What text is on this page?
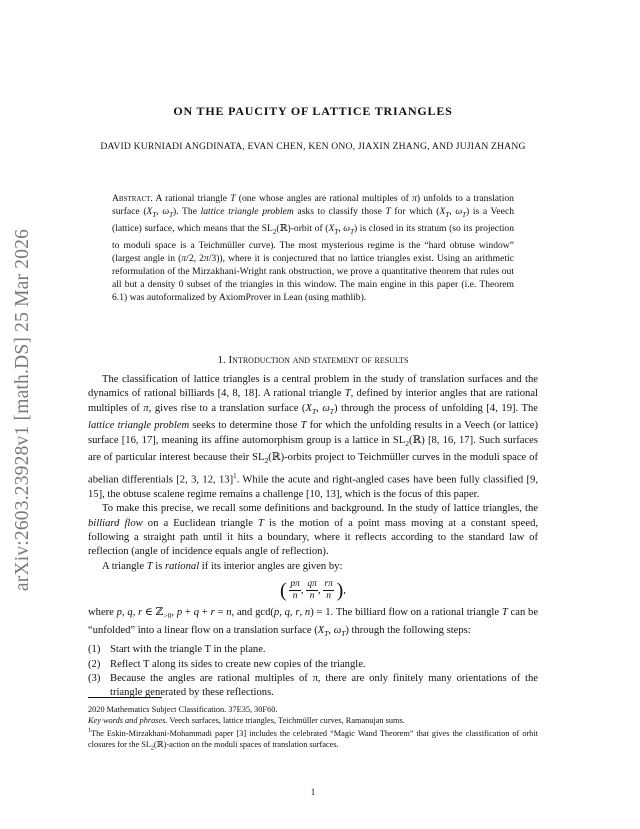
arXiv:2603.23928v1 [math.DS] 25 Mar 2026
ON THE PAUCITY OF LATTICE TRIANGLES
DAVID KURNIADI ANGDINATA, EVAN CHEN, KEN ONO, JIAXIN ZHANG, AND JUJIAN ZHANG
Abstract. A rational triangle T (one whose angles are rational multiples of π) unfolds to a translation surface ($X_T$, $\omega_T$). The lattice triangle problem asks to classify those T for which ($X_T$, $\omega_T$) is a Veech (lattice) surface, which means that the $SL_2(ℝ)$-orbit of ($X_T$, $\omega_T$) is closed in its stratum (so its projection to moduli space is a Teichmüller curve). The most mysterious regime is the “hard obtuse window” (largest angle in (π/2, 2π/3)), where it is conjectured that no lattice triangles exist. Using an arithmetic reformulation of the Mirzakhani-Wright rank obstruction, we prove a quantitative theorem that rules out all but a density 0 subset of the triangles in this window. The main engine in this paper (i.e. Theorem 6.1) was autoformalized by AxiomProver in Lean (using mathlib).
1. Introduction and statement of results

The classification of lattice triangles is a central problem in the study of translation surfaces and the dynamics of rational billiards [4, 8, 18]. A rational triangle T, defined by interior angles that are rational multiples of π, gives rise to a translation surface ($X_T$, $\omega_T$) through the process of unfolding [4, 19]. The lattice triangle problem seeks to determine those T for which the unfolding results in a Veech (or lattice) surface [16, 17], meaning its affine automorphism group is a lattice in $SL_2(ℝ)$ [8, 16, 17]. Such surfaces are of particular interest because their $SL_2(ℝ)$-orbits project to Teichmüller curves in the moduli space of abelian differentials [2, 3, 12, 13]$^1$. While the acute and right-angled cases have been fully classified [9, 15], the obtuse scalene regime remains a challenge [10, 13], which is the focus of this paper.

To make this precise, we recall some definitions and background. In the study of lattice triangles, the billiard flow on a Euclidean triangle T is the motion of a point mass moving at a constant speed, following a straight path until it hits a boundary, where it reflects according to the standard law of reflection (angle of incidence equals angle of reflection).

A triangle T is rational if its interior angles are given by:

( $\frac{p\pi}{n}$ , $\frac{q\pi}{n}$ , $\frac{r\pi}{n}$ ),

where p, q, r ∈ ℤ$_{>0}$, p + q + r = n, and gcd(p, q, r, n) = 1. The billiard flow on a rational triangle T can be “unfolded” into a linear flow on a translation surface ($X_T$, $\omega_T$) through the following steps:

(1) Start with the triangle T in the plane.
(2) Reflect T along its sides to create new copies of the triangle.
(3) Because the angles are rational multiples of π, there are only finitely many orientations of the triangle generated by these reflections.

2020 Mathematics Subject Classification. 37E35, 30F60.

Key words and phrases. Veech surfaces, lattice triangles, Teichmüller curves, Ramanujan sums.

$^1$The Eskin-Mirzakhani-Mohammadi paper [3] includes the celebrated “Magic Wand Theorem” that gives the classification of orbit closures for the $SL_2(ℝ)$-action on the moduli spaces of translation surfaces.

1
